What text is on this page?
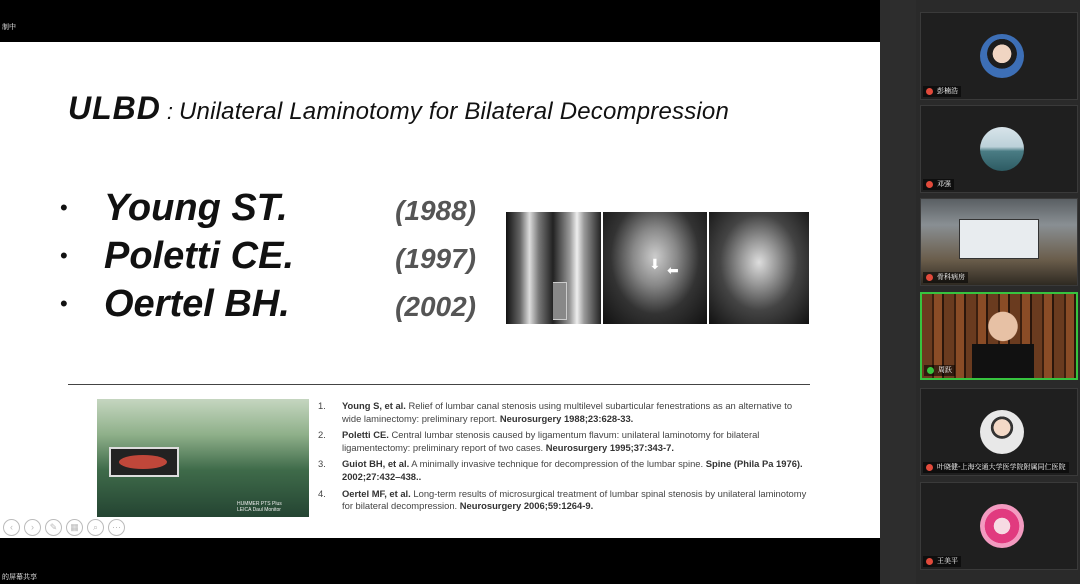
制中
ULBD : Unilateral Laminotomy for Bilateral Decompression
• Young ST.	(1988)
• Poletti CE.	(1997)
• Oertel BH.	(2002)
⬇ ⬅
HUMMER PTS Plus LEICA Daul Monitor
1. Young S, et al. Relief of lumbar canal stenosis using multilevel subarticular fenestrations as an alternative to wide laminectomy: preliminary report. Neurosurgery 1988;23:628-33.
2. Poletti CE. Central lumbar stenosis caused by ligamentum flavum: unilateral laminotomy for bilateral ligamentectomy: preliminary report of two cases. Neurosurgery 1995;37:343-7.
3. Guiot BH, et al. A minimally invasive technique for decompression of the lumbar spine. Spine (Phila Pa 1976). 2002;27:432–438..
4. Oertel MF, et al. Long-term results of microsurgical treatment of lumbar spinal stenosis by unilateral laminotomy for bilateral decompression. Neurosurgery 2006;59:1264-9.
‹	›	✎	▦	⌕	⋯
的屏幕共享
彭楠浩
邓强
骨科病房
周跃
叶晓健-上海交通大学医学院附属同仁医院
王美平
